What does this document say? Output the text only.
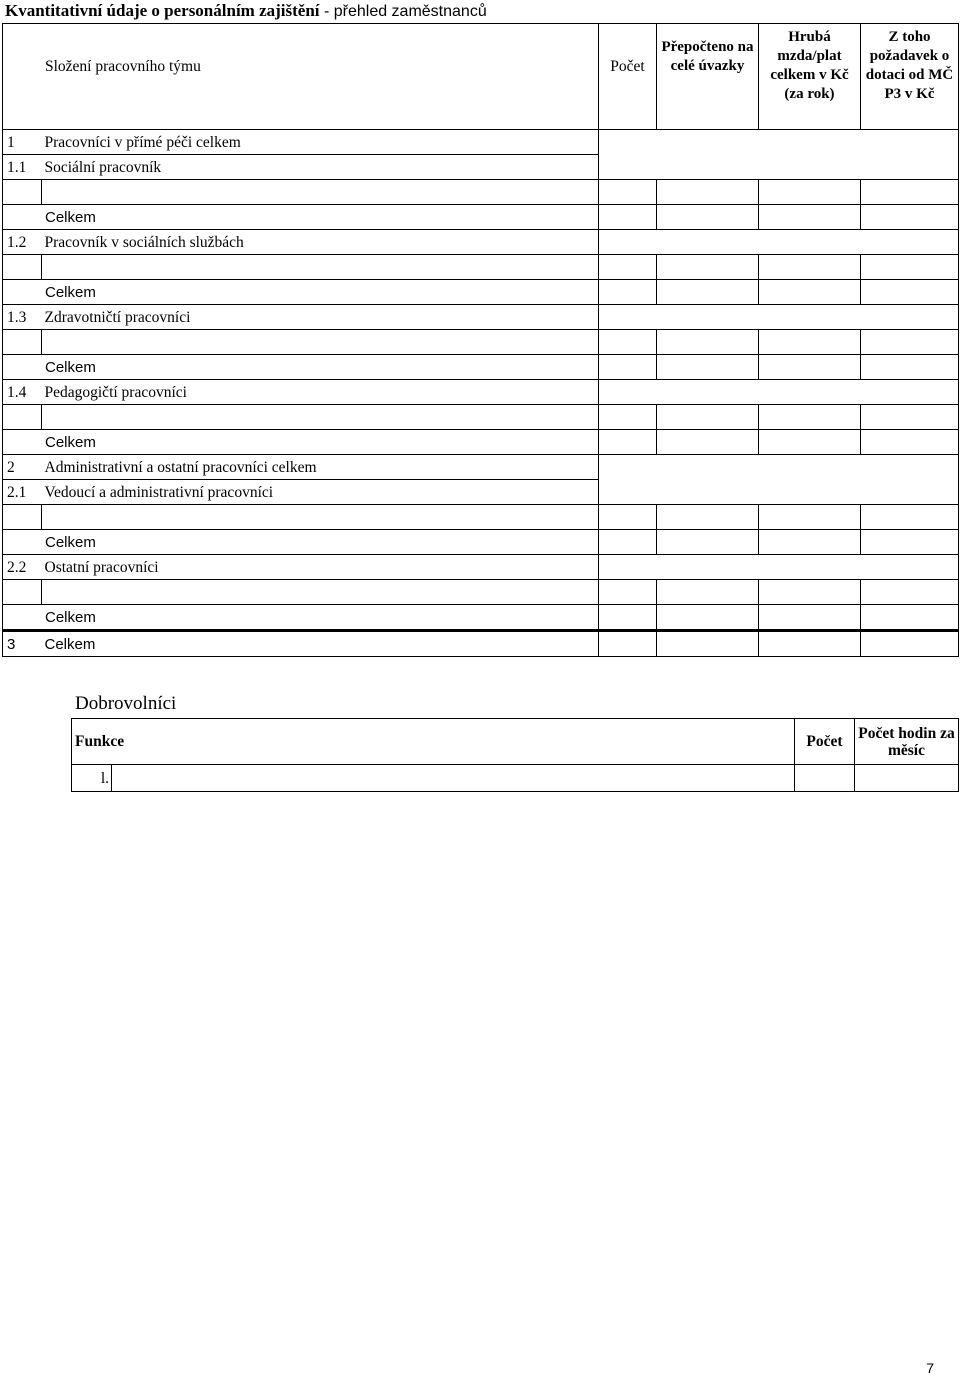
Kvantitativní údaje o personálním zajištění - přehled zaměstnanců
Složení pracovního týmu		Počet	Přepočteno na celé úvazky	Hrubá mzda/plat celkem v Kč (za rok)	Z toho požadavek o dotaci od MČ P3 v Kč
1	Pracovníci v přímé péči celkem				
1.1	Sociální pracovník				

Celkem					
1.2	Pracovník v sociálních službách				

Celkem					
1.3	Zdravotničtí pracovníci				

Celkem					
1.4	Pedagogičtí pracovníci				

Celkem					
2	Administrativní a ostatní pracovníci celkem				
2.1	Vedoucí a administrativní pracovníci				

Celkem					
2.2	Ostatní pracovníci				

Celkem					
3	Celkem				
Dobrovolníci
Funkce		Počet	Počet hodin za měsíc
l.			
7
